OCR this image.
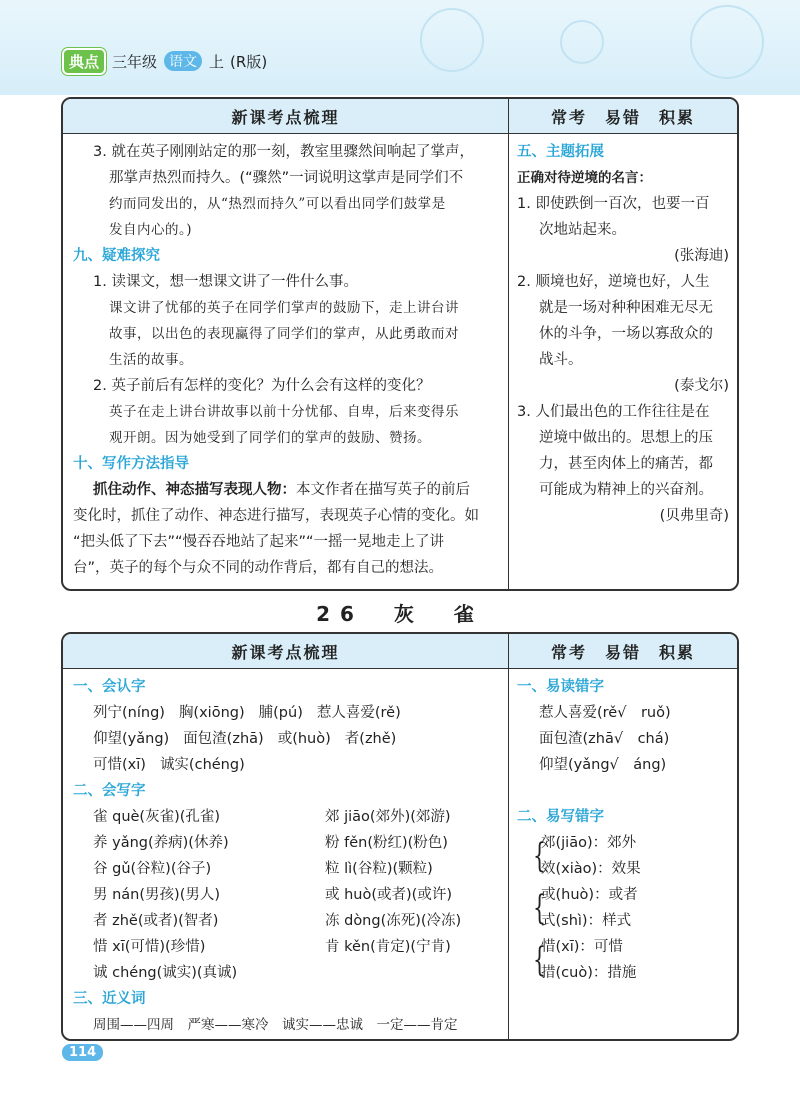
典点 三年级 语文 上 (R版)
新课考点梳理	常考　易错　积累

3. 就在英子刚刚站定的那一刻，教室里骤然间响起了掌声，

那掌声热烈而持久。(“骤然”一词说明这掌声是同学们不

约而同发出的，从“热烈而持久”可以看出同学们鼓掌是

发自内心的。)

九、疑难探究

1. 读课文，想一想课文讲了一件什么事。

课文讲了忧郁的英子在同学们掌声的鼓励下，走上讲台讲

故事，以出色的表现赢得了同学们的掌声，从此勇敢而对

生活的故事。

2. 英子前后有怎样的变化？为什么会有这样的变化？

英子在走上讲台讲故事以前十分忧郁、自卑，后来变得乐

观开朗。因为她受到了同学们的掌声的鼓励、赞扬。

十、写作方法指导

抓住动作、神态描写表现人物：本文作者在描写英子的前后

变化时，抓住了动作、神态进行描写，表现英子心情的变化。如

“把头低了下去”“慢吞吞地站了起来”“一摇一晃地走上了讲

台”，英子的每个与众不同的动作背后，都有自己的想法。

五、主题拓展

正确对待逆境的名言：

1. 即使跌倒一百次，也要一百

次地站起来。

(张海迪)

2. 顺境也好，逆境也好，人生

就是一场对种种困难无尽无

休的斗争，一场以寡敌众的

战斗。

(泰戈尔)

3. 人们最出色的工作往往是在

逆境中做出的。思想上的压

力，甚至肉体上的痛苦，都

可能成为精神上的兴奋剂。

(贝弗里奇)

26　灰　雀
新课考点梳理	常考　易错　积累

一、会认字

列宁(níng) 胸(xiōng) 脯(pú) 惹人喜爱(rě)
仰望(yǎng) 面包渣(zhā) 或(huò) 者(zhě)
可惜(xī) 诚实(chéng)

二、会写字

雀 què(灰雀)(孔雀)	郊 jiāo(郊外)(郊游)
养 yǎng(养病)(休养)	粉 fěn(粉红)(粉色)
谷 gǔ(谷粒)(谷子)	粒 lì(谷粒)(颗粒)
男 nán(男孩)(男人)	或 huò(或者)(或许)
者 zhě(或者)(智者)	冻 dòng(冻死)(冷冻)
惜 xī(可惜)(珍惜)	肯 kěn(肯定)(宁肯)
诚 chéng(诚实)(真诚)

三、近义词

周围——四周　严寒——寒冷　诚实——忠诚　一定——肯定

一、易读错字

惹人喜爱(rě√　ruǒ)

面包渣(zhā√　chá)

仰望(yǎng√　áng)

二、易写错字

{

郊(jiāo)：郊外

效(xiào)：效果

{

或(huò)：或者

式(shì)：样式

{

惜(xī)：可惜

措(cuò)：措施

114
